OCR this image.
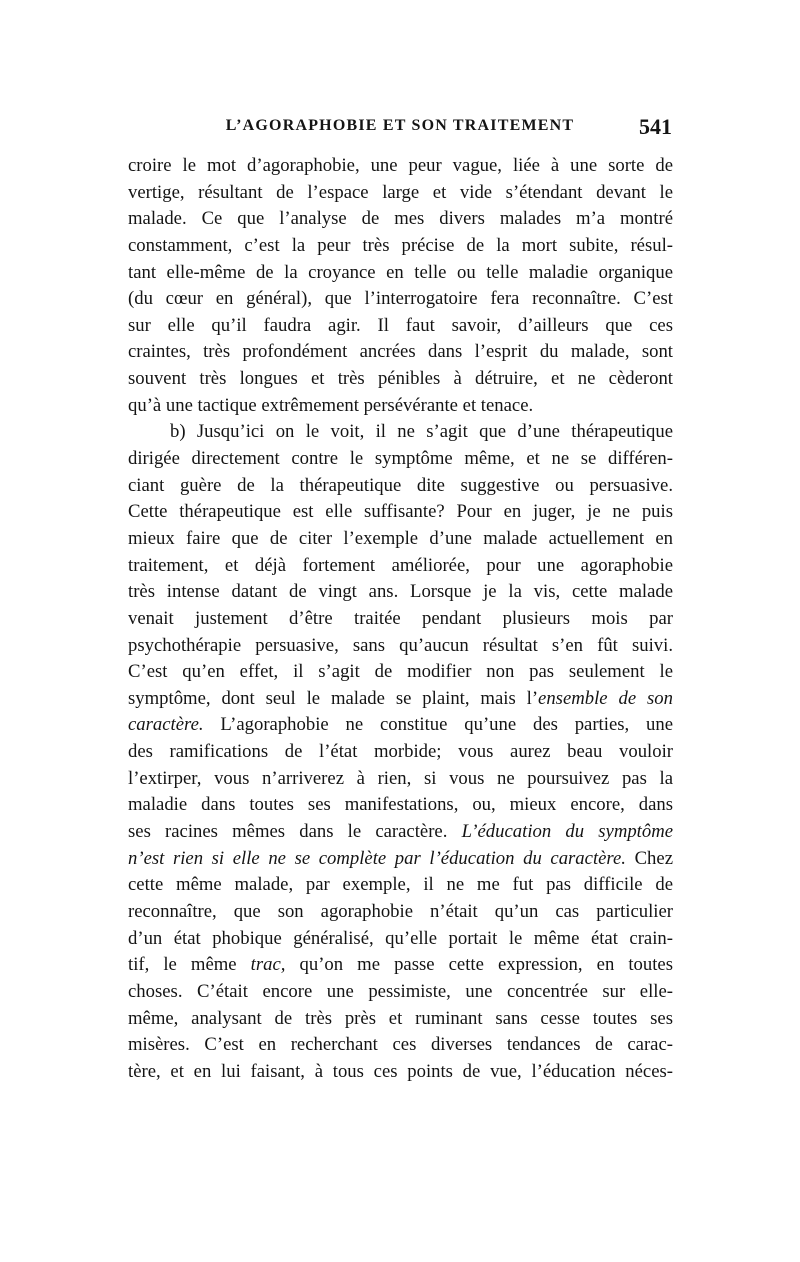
L’AGORAPHOBIE ET SON TRAITEMENT	541
croire le mot d’agoraphobie, une peur vague, liée à une sorte de
vertige, résultant de l’espace large et vide s’étendant devant le
malade. Ce que l’analyse de mes divers malades m’a montré
constamment, c’est la peur très précise de la mort subite, résul-
tant elle-même de la croyance en telle ou telle maladie organique
(du cœur en général), que l’interrogatoire fera reconnaître. C’est
sur elle qu’il faudra agir. Il faut savoir, d’ailleurs que ces
craintes, très profondément ancrées dans l’esprit du malade, sont
souvent très longues et très pénibles à détruire, et ne cèderont
qu’à une tactique extrêmement persévérante et tenace.
b) Jusqu’ici on le voit, il ne s’agit que d’une thérapeutique
dirigée directement contre le symptôme même, et ne se différen-
ciant guère de la thérapeutique dite suggestive ou persuasive.
Cette thérapeutique est elle suffisante? Pour en juger, je ne puis
mieux faire que de citer l’exemple d’une malade actuellement en
traitement, et déjà fortement améliorée, pour une agoraphobie
très intense datant de vingt ans. Lorsque je la vis, cette malade
venait justement d’être traitée pendant plusieurs mois par
psychothérapie persuasive, sans qu’aucun résultat s’en fût suivi.
C’est qu’en effet, il s’agit de modifier non pas seulement le
symptôme, dont seul le malade se plaint, mais l’ensemble de son
caractère. L’agoraphobie ne constitue qu’une des parties, une
des ramifications de l’état morbide; vous aurez beau vouloir
l’extirper, vous n’arriverez à rien, si vous ne poursuivez pas la
maladie dans toutes ses manifestations, ou, mieux encore, dans
ses racines mêmes dans le caractère. L’éducation du symptôme
n’est rien si elle ne se complète par l’éducation du caractère. Chez
cette même malade, par exemple, il ne me fut pas difficile de
reconnaître, que son agoraphobie n’était qu’un cas particulier
d’un état phobique généralisé, qu’elle portait le même état crain-
tif, le même trac, qu’on me passe cette expression, en toutes
choses. C’était encore une pessimiste, une concentrée sur elle-
même, analysant de très près et ruminant sans cesse toutes ses
misères. C’est en recherchant ces diverses tendances de carac-
tère, et en lui faisant, à tous ces points de vue, l’éducation néces-
